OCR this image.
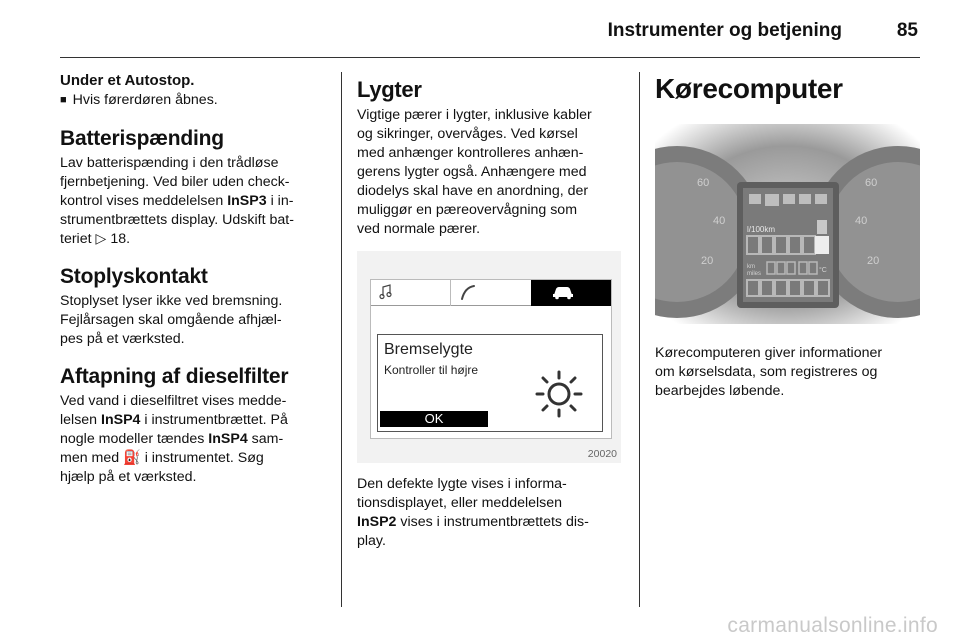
Instrumenter og betjening	85
Under et Autostop.
■ Hvis førerdøren åbnes.
Batterispænding
Lav batterispænding i den trådløse
fjernbetjening. Ved biler uden check-
kontrol vises meddelelsen InSP3 i in-
strumentbrættets display. Udskift bat-
teriet ▷ 18.
Stoplyskontakt
Stoplyset lyser ikke ved bremsning.
Fejlårsagen skal omgående afhjæl-
pes på et værksted.
Aftapning af dieselfilter
Ved vand i dieselfiltret vises medde-
lelsen InSP4 i instrumentbrættet. På
nogle modeller tændes InSP4 sam-
men med ⛽ i instrumentet. Søg
hjælp på et værksted.
Lygter
Vigtige pærer i lygter, inklusive kabler
og sikringer, overvåges. Ved kørsel
med anhænger kontrolleres anhæn-
gerens lygter også. Anhængere med
diodelys skal have en anordning, der
muliggør en pæreovervågning som
ved normale pærer.
Bremselygte
Kontroller til højre
OK
20020
Den defekte lygte vises i informa-
tionsdisplayet, eller meddelelsen
InSP2 vises i instrumentbrættets dis-
play.
Kørecomputer
60
40
20
60
40
20
l/100km
km
miles	°C
Kørecomputeren giver informationer
om kørselsdata, som registreres og
bearbejdes løbende.
carmanualsonline.info
